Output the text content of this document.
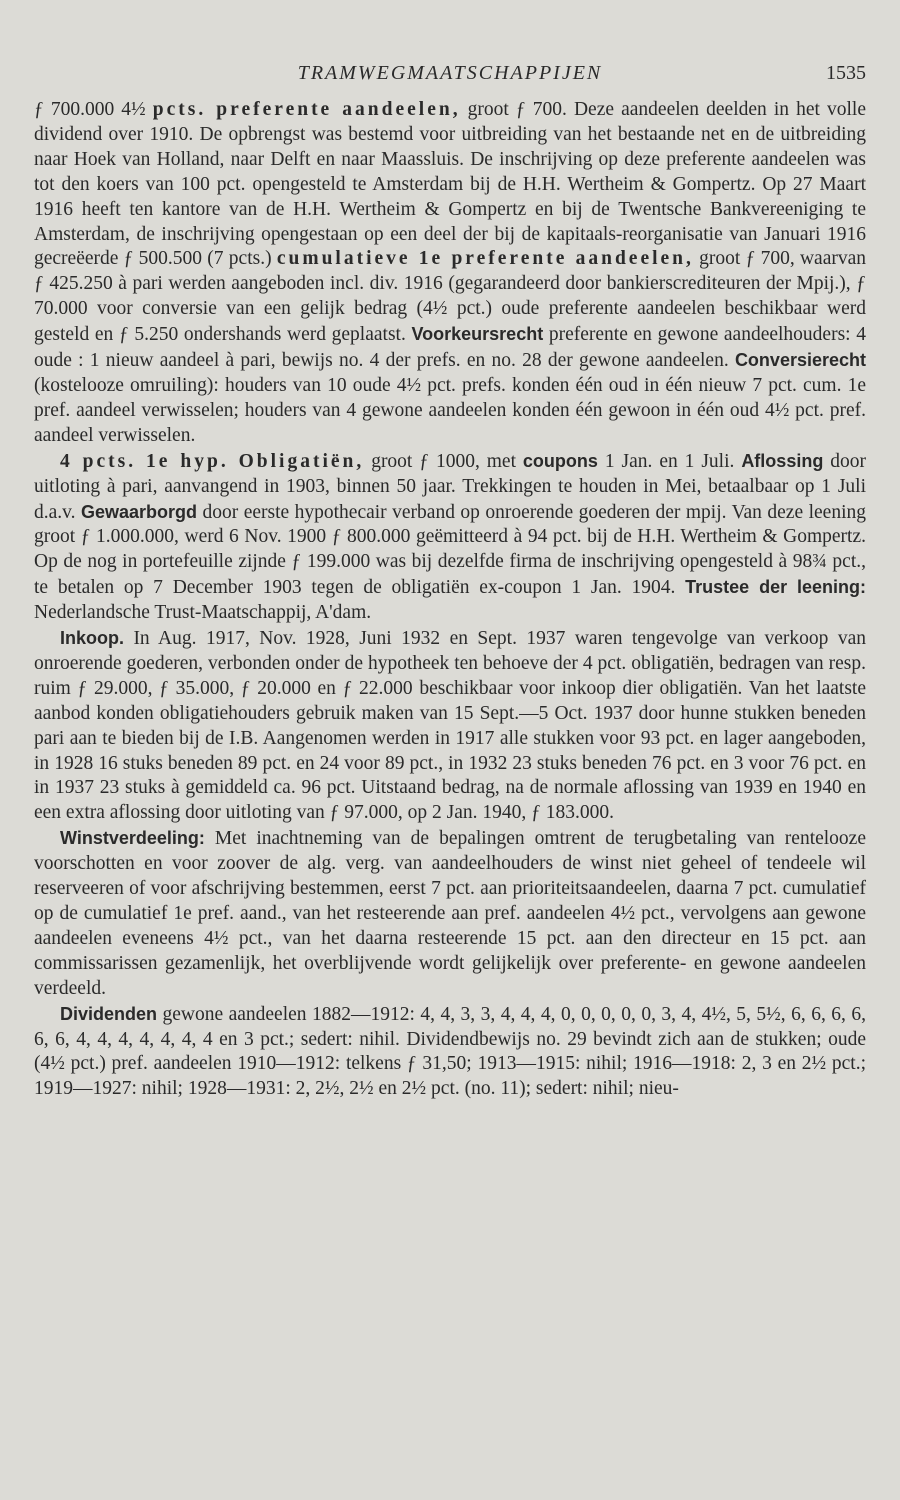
TRAMWEGMAATSCHAPPIJEN	1535

ƒ 700.000 4½ pcts. preferente aandeelen, groot ƒ 700. Deze aandeelen deelden in het volle dividend over 1910. De opbrengst was bestemd voor uitbreiding van het bestaande net en de uitbreiding naar Hoek van Holland, naar Delft en naar Maassluis. De inschrijving op deze preferente aandeelen was tot den koers van 100 pct. opengesteld te Amsterdam bij de H.H. Wertheim & Gompertz. Op 27 Maart 1916 heeft ten kantore van de H.H. Wertheim & Gompertz en bij de Twentsche Bankvereeniging te Amsterdam, de inschrijving opengestaan op een deel der bij de kapitaals-reorganisatie van Januari 1916 gecreëerde ƒ 500.500 (7 pcts.) cumulatieve 1e preferente aandeelen, groot ƒ 700, waarvan ƒ 425.250 à pari werden aangeboden incl. div. 1916 (gegarandeerd door bankierscrediteuren der Mpij.), ƒ 70.000 voor conversie van een gelijk bedrag (4½ pct.) oude preferente aandeelen beschikbaar werd gesteld en ƒ 5.250 ondershands werd geplaatst. Voorkeursrecht preferente en gewone aandeelhouders: 4 oude : 1 nieuw aandeel à pari, bewijs no. 4 der prefs. en no. 28 der gewone aandeelen. Conversierecht (kostelooze omruiling): houders van 10 oude 4½ pct. prefs. konden één oud in één nieuw 7 pct. cum. 1e pref. aandeel verwisselen; houders van 4 gewone aandeelen konden één gewoon in één oud 4½ pct. pref. aandeel verwisselen.

4 pcts. 1e hyp. Obligatiën, groot ƒ 1000, met coupons 1 Jan. en 1 Juli. Aflossing door uitloting à pari, aanvangend in 1903, binnen 50 jaar. Trekkingen te houden in Mei, betaalbaar op 1 Juli d.a.v. Gewaarborgd door eerste hypothecair verband op onroerende goederen der mpij. Van deze leening groot ƒ 1.000.000, werd 6 Nov. 1900 ƒ 800.000 geëmitteerd à 94 pct. bij de H.H. Wertheim & Gompertz. Op de nog in portefeuille zijnde ƒ 199.000 was bij dezelfde firma de inschrijving opengesteld à 98¾ pct., te betalen op 7 December 1903 tegen de obligatiën ex-coupon 1 Jan. 1904. Trustee der leening: Nederlandsche Trust-Maatschappij, A'dam.

Inkoop. In Aug. 1917, Nov. 1928, Juni 1932 en Sept. 1937 waren tengevolge van verkoop van onroerende goederen, verbonden onder de hypotheek ten behoeve der 4 pct. obligatiën, bedragen van resp. ruim ƒ 29.000, ƒ 35.000, ƒ 20.000 en ƒ 22.000 beschikbaar voor inkoop dier obligatiën. Van het laatste aanbod konden obligatiehouders gebruik maken van 15 Sept.—5 Oct. 1937 door hunne stukken beneden pari aan te bieden bij de I.B. Aangenomen werden in 1917 alle stukken voor 93 pct. en lager aangeboden, in 1928 16 stuks beneden 89 pct. en 24 voor 89 pct., in 1932 23 stuks beneden 76 pct. en 3 voor 76 pct. en in 1937 23 stuks à gemiddeld ca. 96 pct. Uitstaand bedrag, na de normale aflossing van 1939 en 1940 en een extra aflossing door uitloting van ƒ 97.000, op 2 Jan. 1940, ƒ 183.000.

Winstverdeeling: Met inachtneming van de bepalingen omtrent de terugbetaling van rentelooze voorschotten en voor zoover de alg. verg. van aandeelhouders de winst niet geheel of tendeele wil reserveeren of voor afschrijving bestemmen, eerst 7 pct. aan prioriteitsaandeelen, daarna 7 pct. cumulatief op de cumulatief 1e pref. aand., van het resteerende aan pref. aandeelen 4½ pct., vervolgens aan gewone aandeelen eveneens 4½ pct., van het daarna resteerende 15 pct. aan den directeur en 15 pct. aan commissarissen gezamenlijk, het overblijvende wordt gelijkelijk over preferente- en gewone aandeelen verdeeld.

Dividenden gewone aandeelen 1882—1912: 4, 4, 3, 3, 4, 4, 4, 0, 0, 0, 0, 0, 3, 4, 4½, 5, 5½, 6, 6, 6, 6, 6, 6, 4, 4, 4, 4, 4, 4, 4 en 3 pct.; sedert: nihil. Dividendbewijs no. 29 bevindt zich aan de stukken; oude (4½ pct.) pref. aandeelen 1910—1912: telkens ƒ 31,50; 1913—1915: nihil; 1916—1918: 2, 3 en 2½ pct.; 1919—1927: nihil; 1928—1931: 2, 2½, 2½ en 2½ pct. (no. 11); sedert: nihil; nieu-
